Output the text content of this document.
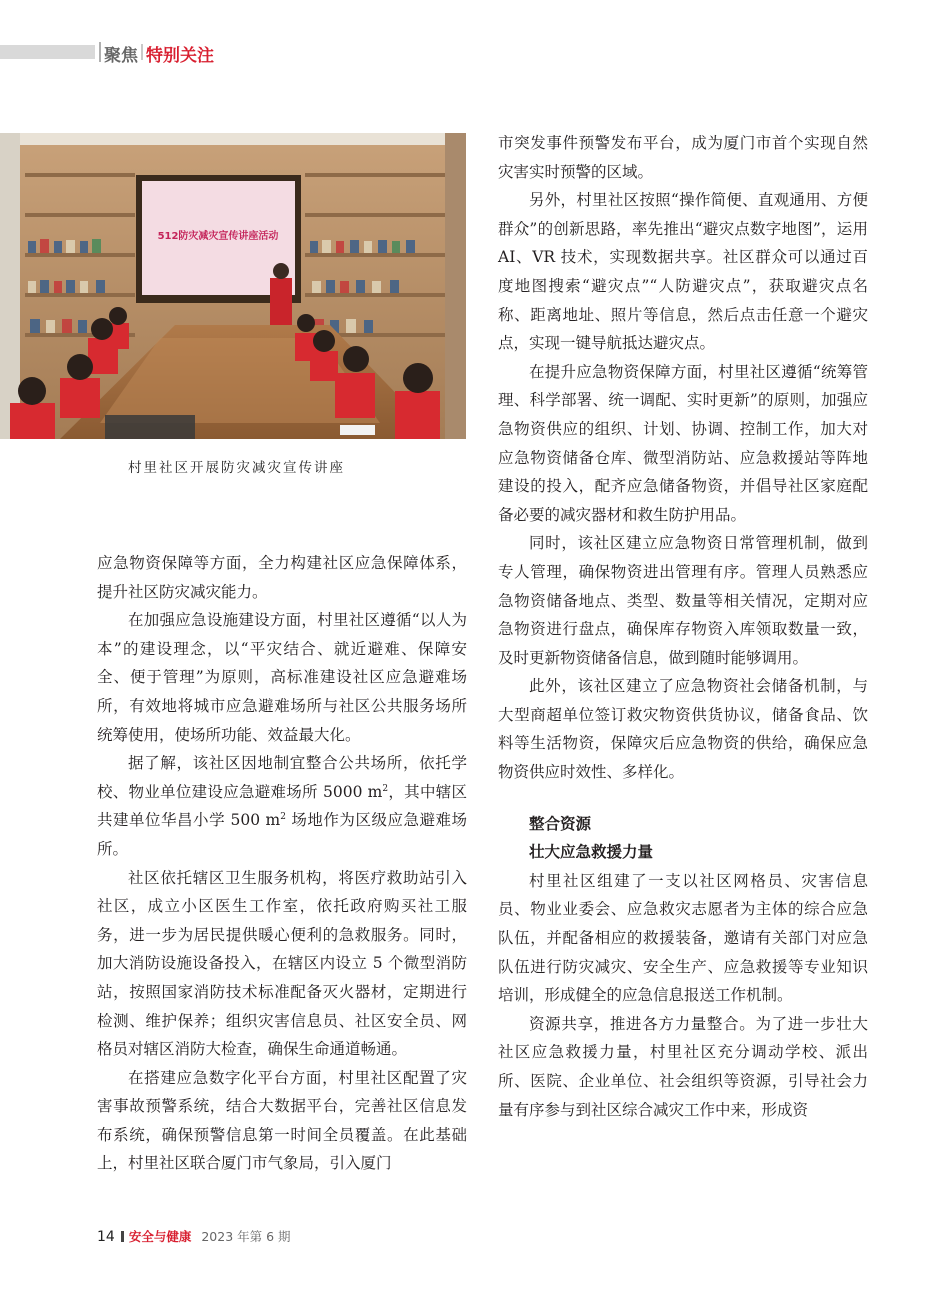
聚焦 特别关注
512防灾减灾宣传讲座活动
村里社区开展防灾减灾宣传讲座

应急物资保障等方面，全力构建社区应急保障体系，提升社区防灾减灾能力。

在加强应急设施建设方面，村里社区遵循“以人为本”的建设理念，以“平灾结合、就近避难、保障安全、便于管理”为原则，高标准建设社区应急避难场所，有效地将城市应急避难场所与社区公共服务场所统筹使用，使场所功能、效益最大化。

据了解，该社区因地制宜整合公共场所，依托学校、物业单位建设应急避难场所 5000 $m^2$，其中辖区共建单位华昌小学 500 $m^2$ 场地作为区级应急避难场所。

社区依托辖区卫生服务机构，将医疗救助站引入社区，成立小区医生工作室，依托政府购买社工服务，进一步为居民提供暖心便利的急救服务。同时，加大消防设施设备投入，在辖区内设立 5 个微型消防站，按照国家消防技术标准配备灭火器材，定期进行检测、维护保养；组织灾害信息员、社区安全员、网格员对辖区消防大检查，确保生命通道畅通。

在搭建应急数字化平台方面，村里社区配置了灾害事故预警系统，结合大数据平台，完善社区信息发布系统，确保预警信息第一时间全员覆盖。在此基础上，村里社区联合厦门市气象局，引入厦门

市突发事件预警发布平台，成为厦门市首个实现自然灾害实时预警的区域。

另外，村里社区按照“操作简便、直观通用、方便群众”的创新思路，率先推出“避灾点数字地图”，运用 AI、VR 技术，实现数据共享。社区群众可以通过百度地图搜索“避灾点”“人防避灾点”，获取避灾点名称、距离地址、照片等信息，然后点击任意一个避灾点，实现一键导航抵达避灾点。

在提升应急物资保障方面，村里社区遵循“统筹管理、科学部署、统一调配、实时更新”的原则，加强应急物资供应的组织、计划、协调、控制工作，加大对应急物资储备仓库、微型消防站、应急救援站等阵地建设的投入，配齐应急储备物资，并倡导社区家庭配备必要的减灾器材和救生防护用品。

同时，该社区建立应急物资日常管理机制，做到专人管理，确保物资进出管理有序。管理人员熟悉应急物资储备地点、类型、数量等相关情况，定期对应急物资进行盘点，确保库存物资入库领取数量一致，及时更新物资储备信息，做到随时能够调用。

此外，该社区建立了应急物资社会储备机制，与大型商超单位签订救灾物资供货协议，储备食品、饮料等生活物资，保障灾后应急物资的供给，确保应急物资供应时效性、多样化。

整合资源
壮大应急救援力量

村里社区组建了一支以社区网格员、灾害信息员、物业业委会、应急救灾志愿者为主体的综合应急队伍，并配备相应的救援装备，邀请有关部门对应急队伍进行防灾减灾、安全生产、应急救援等专业知识培训，形成健全的应急信息报送工作机制。

资源共享，推进各方力量整合。为了进一步壮大社区应急救援力量，村里社区充分调动学校、派出所、医院、企业单位、社会组织等资源，引导社会力量有序参与到社区综合减灾工作中来，形成资

14 安全与健康 2023 年第 6 期
